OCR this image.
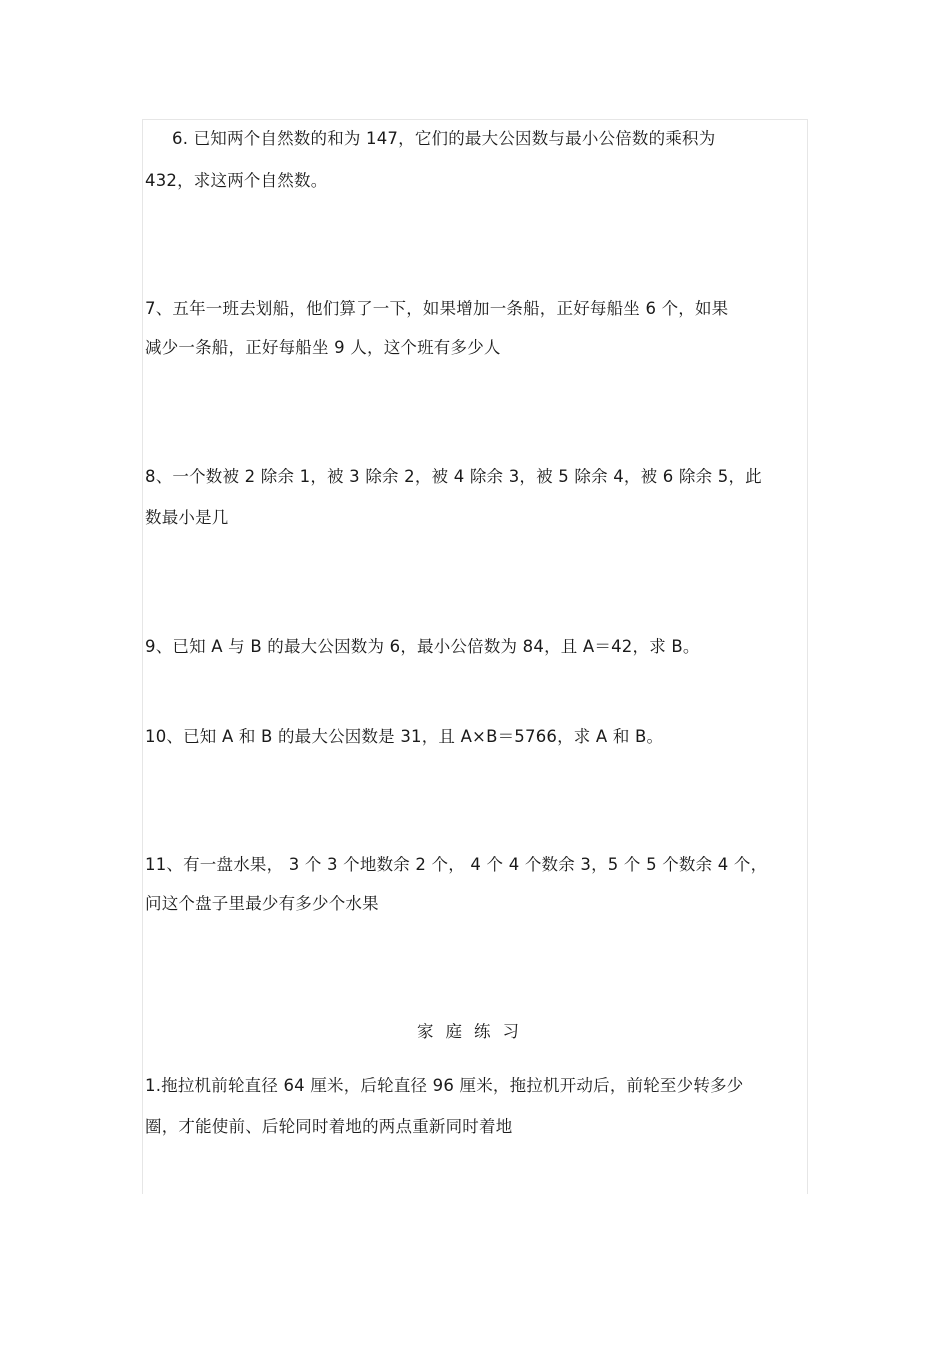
6. 已知两个自然数的和为 147，它们的最大公因数与最小公倍数的乘积为
432，求这两个自然数。
7、五年一班去划船，他们算了一下，如果增加一条船，正好每船坐 6 个，如果
减少一条船，正好每船坐 9 人，这个班有多少人
8、一个数被 2 除余 1，被 3 除余 2，被 4 除余 3，被 5 除余 4，被 6 除余 5，此
数最小是几
9、已知 A 与 B 的最大公因数为 6，最小公倍数为 84，且 A＝42，求 B。
10、已知 A 和 B 的最大公因数是 31，且 A×B＝5766，求 A 和 B。
11、有一盘水果， 3 个 3 个地数余 2 个， 4 个 4 个数余 3，5 个 5 个数余 4 个，
问这个盘子里最少有多少个水果
家庭练习
1.拖拉机前轮直径 64 厘米，后轮直径 96 厘米，拖拉机开动后，前轮至少转多少
圈，才能使前、后轮同时着地的两点重新同时着地
